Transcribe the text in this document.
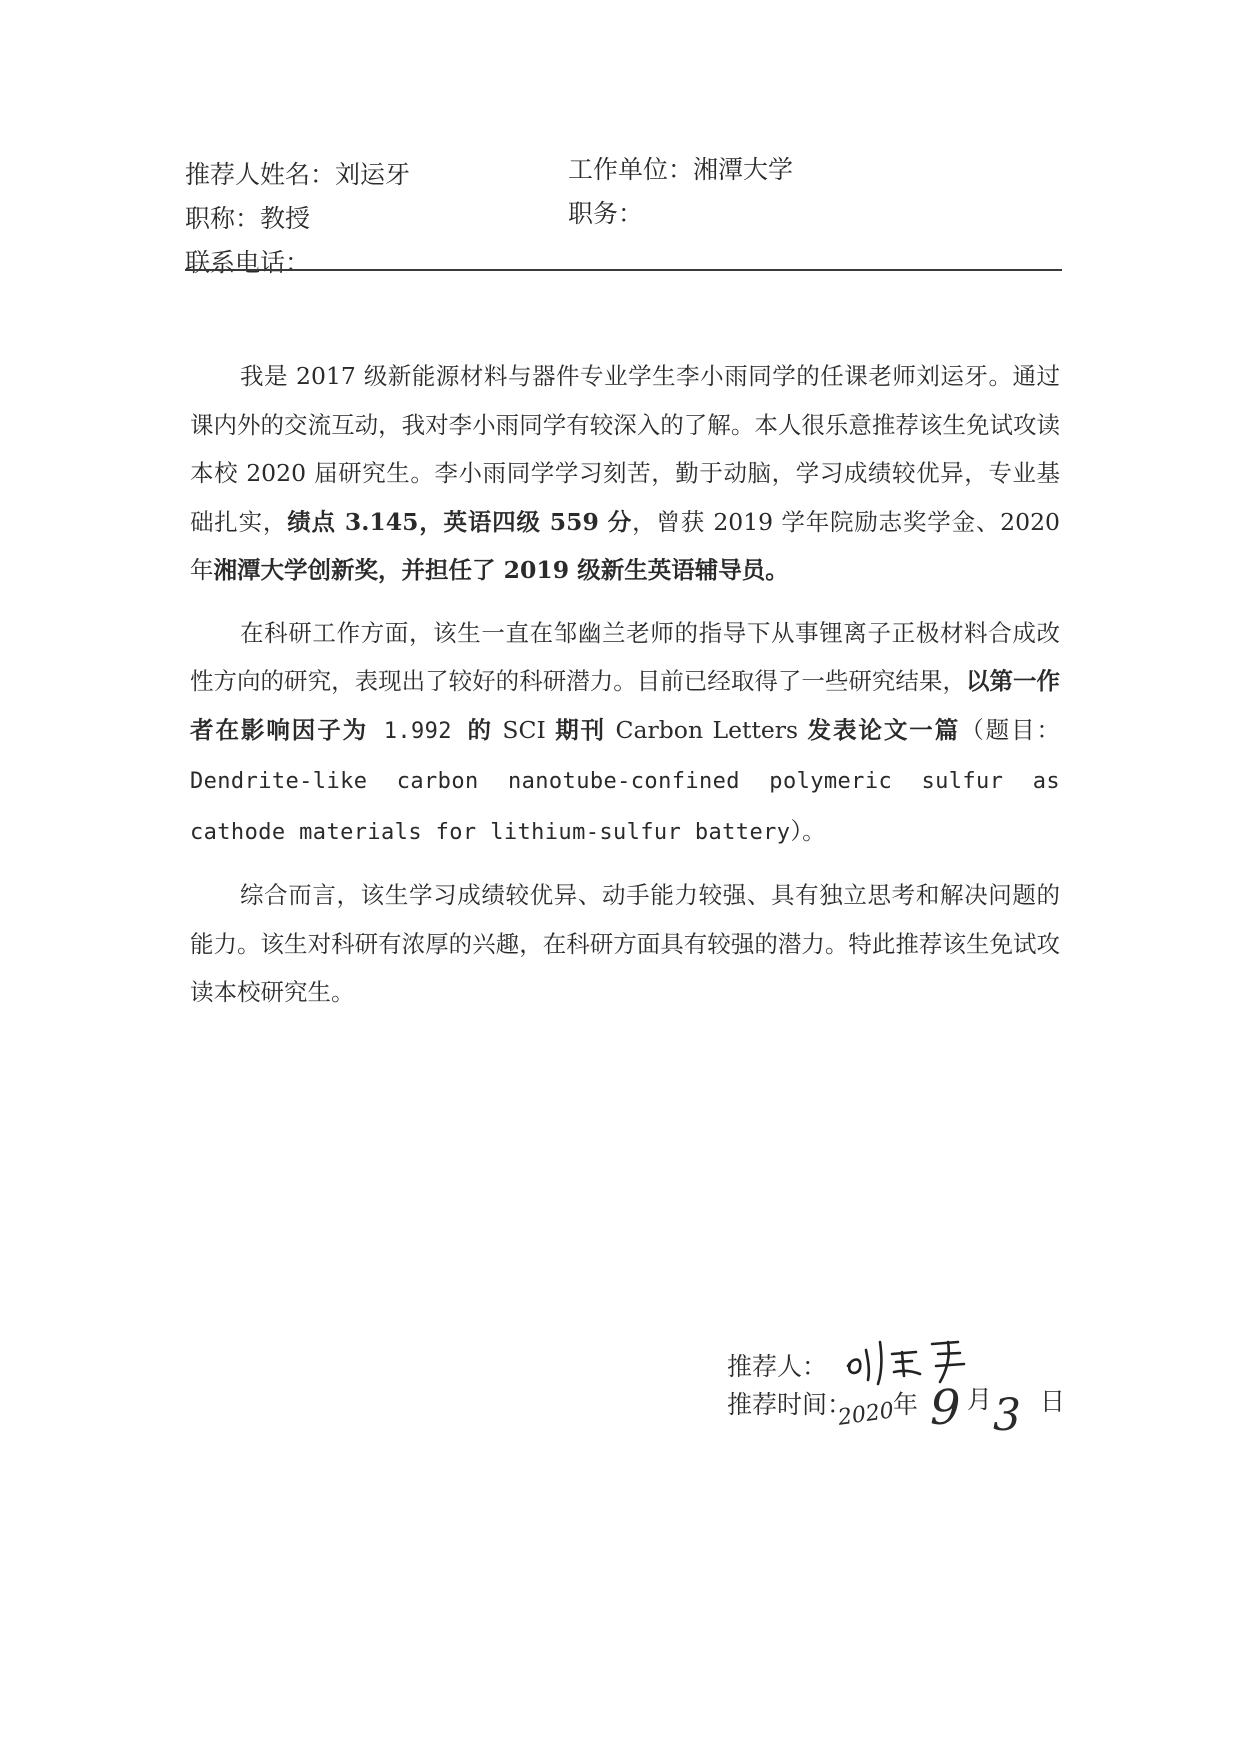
推荐人姓名：刘运牙	工作单位：湘潭大学
职称：教授	职务：
联系电话：

我是 2017 级新能源材料与器件专业学生李小雨同学的任课老师刘运牙。通过课内外的交流互动，我对李小雨同学有较深入的了解。本人很乐意推荐该生免试攻读本校 2020 届研究生。李小雨同学学习刻苦，勤于动脑，学习成绩较优异，专业基础扎实，绩点 3.145，英语四级 559 分，曾获 2019 学年院励志奖学金、2020 年湘潭大学创新奖，并担任了 2019 级新生英语辅导员。

在科研工作方面，该生一直在邹幽兰老师的指导下从事锂离子正极材料合成改性方向的研究，表现出了较好的科研潜力。目前已经取得了一些研究结果，以第一作者在影响因子为 1.992 的 SCI 期刊 Carbon Letters 发表论文一篇（题目：Dendrite-like carbon nanotube-confined polymeric sulfur as cathode materials for lithium-sulfur battery）。

综合而言，该生学习成绩较优异、动手能力较强、具有独立思考和解决问题的能力。该生对科研有浓厚的兴趣，在科研方面具有较强的潜力。特此推荐该生免试攻读本校研究生。

推荐人：
推荐时间：
2020
年 9 月 3 日
